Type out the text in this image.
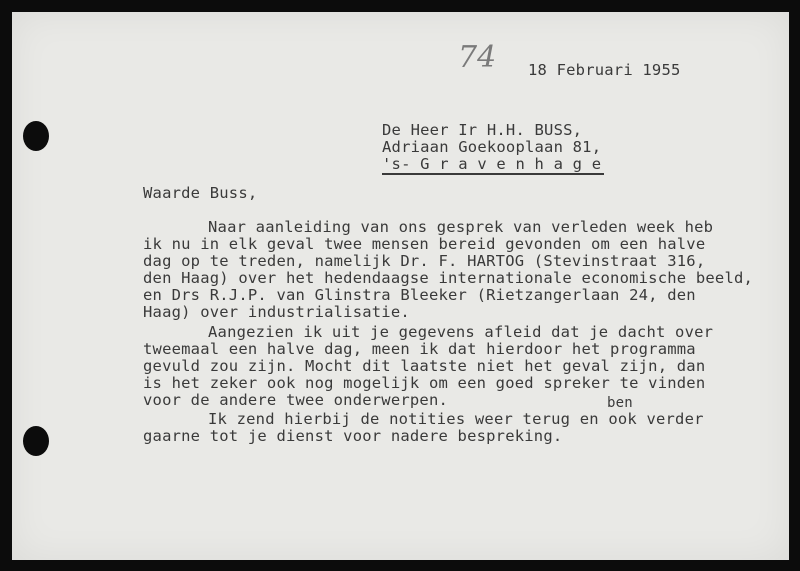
74 18 Februari 1955
De Heer Ir H.H. BUSS,
Adriaan Goekooplaan 81,
's- G r a v e n h a g e
Waarde Buss,
Naar aanleiding van ons gesprek van verleden week heb
ik nu in elk geval twee mensen bereid gevonden om een halve
dag op te treden, namelijk Dr. F. HARTOG (Stevinstraat 316,
den Haag) over het hedendaagse internationale economische beeld,
en Drs R.J.P. van Glinstra Bleeker (Rietzangerlaan 24, den
Haag) over industrialisatie.
Aangezien ik uit je gegevens afleid dat je dacht over
tweemaal een halve dag, meen ik dat hierdoor het programma
gevuld zou zijn. Mocht dit laatste niet het geval zijn, dan
is het zeker ook nog mogelijk om een goed spreker te vinden
voor de andere twee onderwerpen.	ben
Ik zend hierbij de notities weer terug en ook verder
gaarne tot je dienst voor nadere bespreking.
